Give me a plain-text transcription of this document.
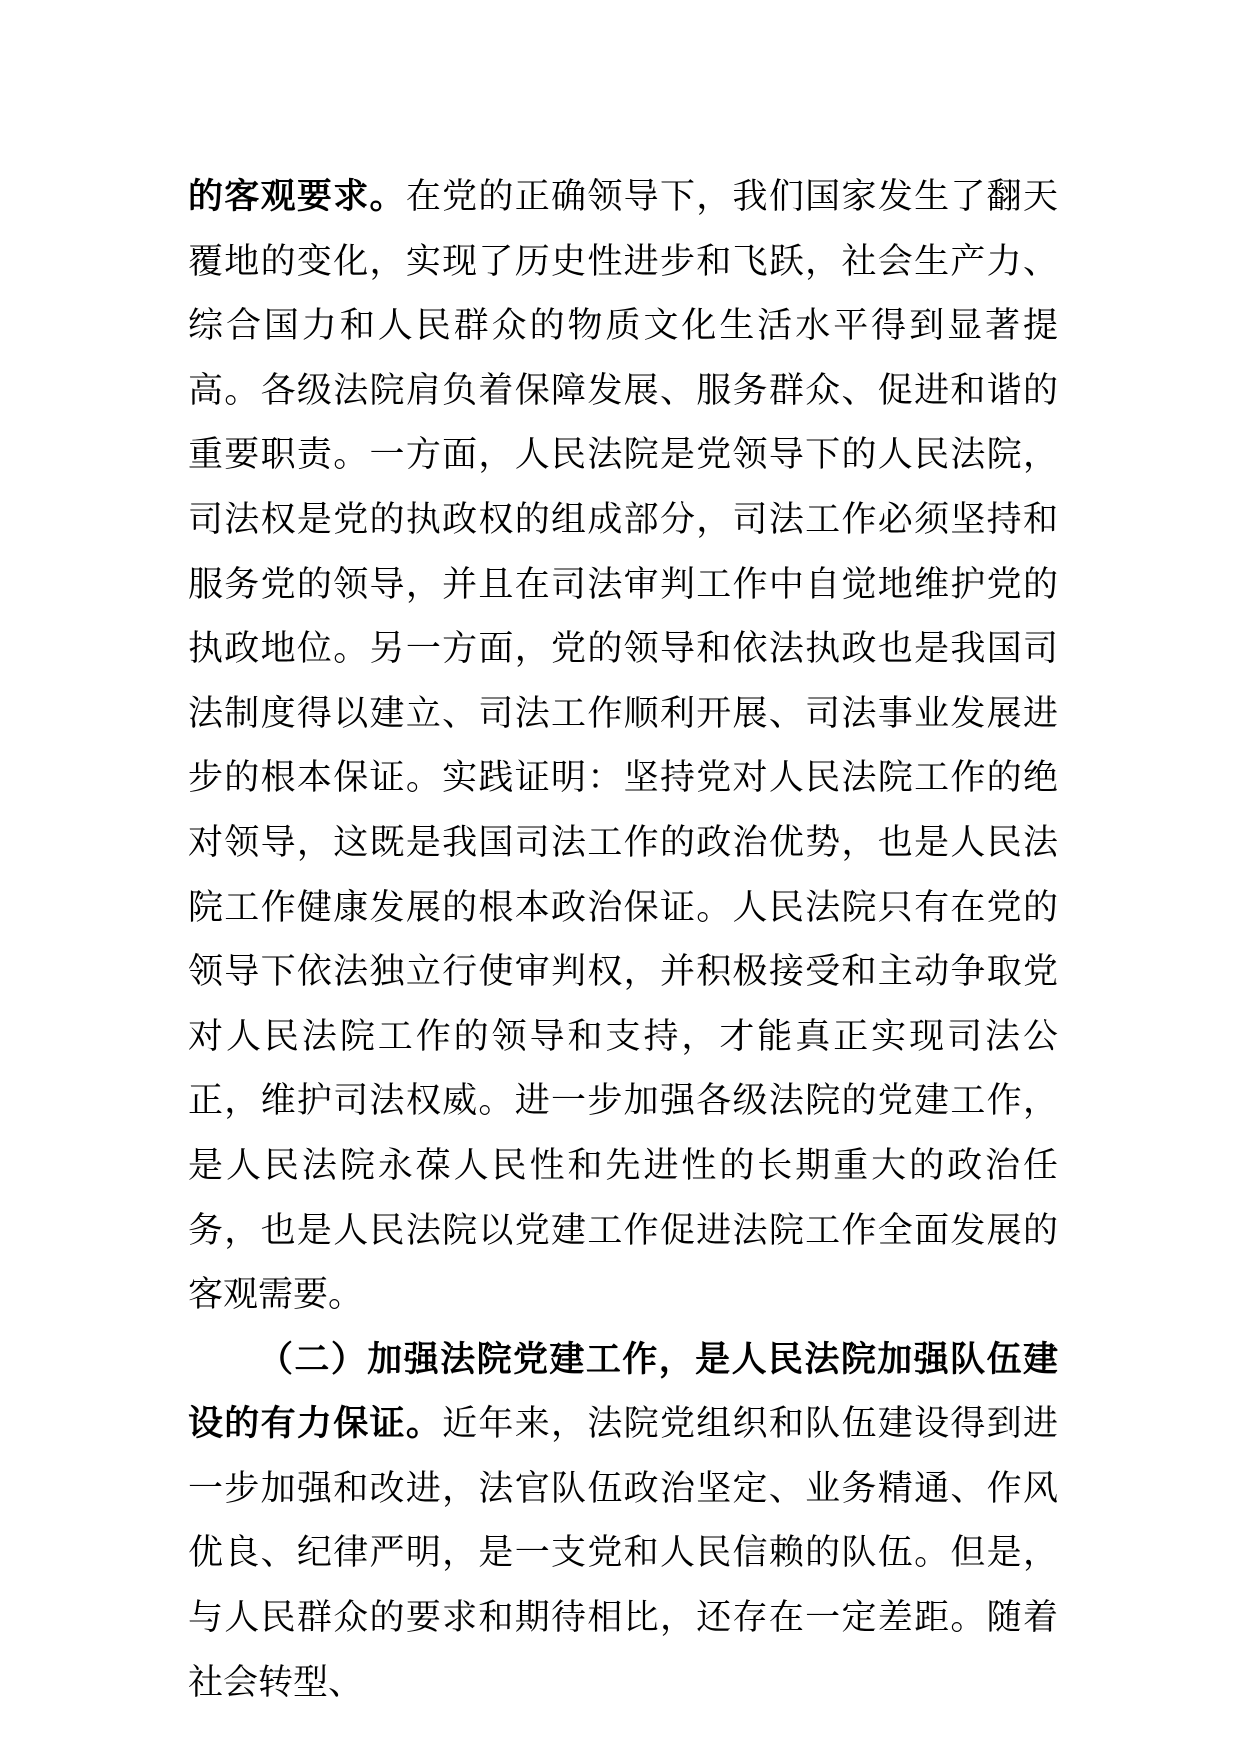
的客观要求。在党的正确领导下，我们国家发生了翻天覆地的变化，实现了历史性进步和飞跃，社会生产力、综合国力和人民群众的物质文化生活水平得到显著提高。各级法院肩负着保障发展、服务群众、促进和谐的重要职责。一方面，人民法院是党领导下的人民法院，司法权是党的执政权的组成部分，司法工作必须坚持和服务党的领导，并且在司法审判工作中自觉地维护党的执政地位。另一方面，党的领导和依法执政也是我国司法制度得以建立、司法工作顺利开展、司法事业发展进步的根本保证。实践证明：坚持党对人民法院工作的绝对领导，这既是我国司法工作的政治优势，也是人民法院工作健康发展的根本政治保证。人民法院只有在党的领导下依法独立行使审判权，并积极接受和主动争取党对人民法院工作的领导和支持，才能真正实现司法公正，维护司法权威。进一步加强各级法院的党建工作，是人民法院永葆人民性和先进性的长期重大的政治任务，也是人民法院以党建工作促进法院工作全面发展的客观需要。

（二）加强法院党建工作，是人民法院加强队伍建设的有力保证。近年来，法院党组织和队伍建设得到进一步加强和改进，法官队伍政治坚定、业务精通、作风优良、纪律严明，是一支党和人民信赖的队伍。但是，与人民群众的要求和期待相比，还存在一定差距。随着社会转型、
